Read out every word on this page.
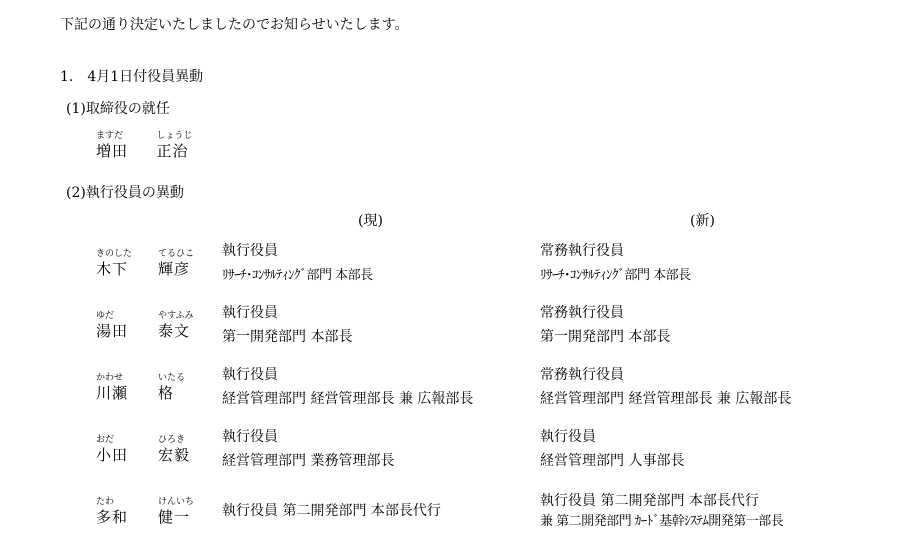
下記の通り決定いたしましたのでお知らせいたします。
1.　4月1日付役員異動
(1)取締役の就任
ますだ
増田
しょうじ
正治
(2)執行役員の異動
(現)	(新)
きのした
木下
てるひこ
輝彦
執行役員
ﾘｻｰﾁ･ｺﾝｻﾙﾃｨﾝｸﾞ部門 本部長
常務執行役員
ﾘｻｰﾁ･ｺﾝｻﾙﾃｨﾝｸﾞ部門 本部長
ゆだ
湯田
やすふみ
泰文
執行役員
第一開発部門 本部長
常務執行役員
第一開発部門 本部長
かわせ
川瀬
いたる
格
執行役員
経営管理部門 経営管理部長 兼 広報部長
常務執行役員
経営管理部門 経営管理部長 兼 広報部長
おだ
小田
ひろき
宏毅
執行役員
経営管理部門 業務管理部長
執行役員
経営管理部門 人事部長
たわ
多和
けんいち
健一 執行役員 第二開発部門 本部長代行
執行役員 第二開発部門 本部長代行
兼 第二開発部門 ｶｰﾄﾞ基幹ｼｽﾃﾑ開発第一部長
